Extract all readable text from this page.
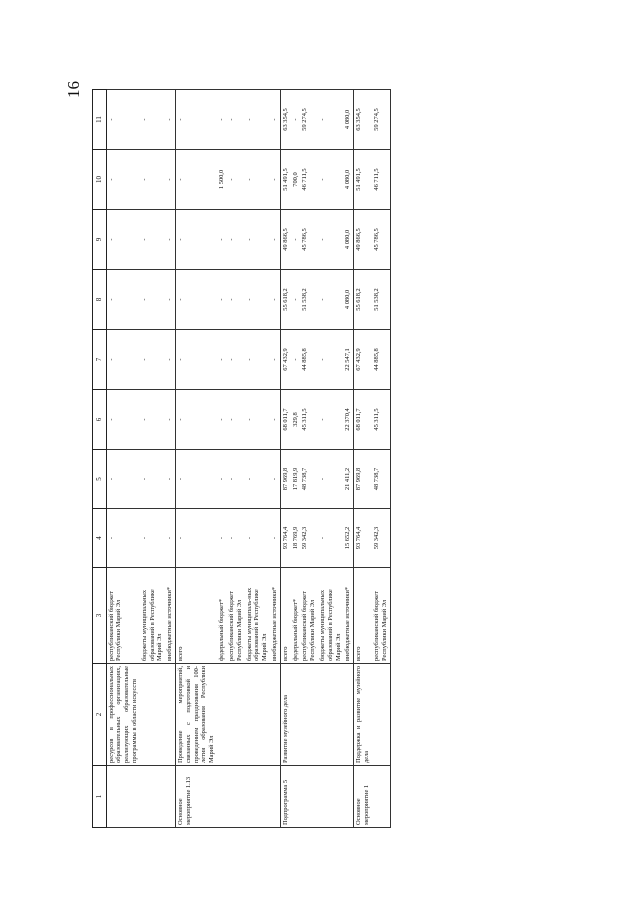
16
1	2	3	4	5	6	7	8	9	10	11
	ресурсов в профессиональных образовательных организациях, реализующих образовательные программы в области искусств	республиканский бюджет Республики Марий Эл	-	-	-	-	-	-	-	-
		бюджеты муниципальных образований в Республике Марий Эл	-	-	-	-	-	-	-	-
		внебюджетные источники*	-	-	-	-	-	-	-	-
Основное мероприятие 1.13	Проведение мероприятий, связанных с подготовкой и проведением празднования 100-летия образования Республики Марий Эл	всего	-	-	-	-	-	-	-	-
		федеральный бюджет*	-	-	-	-	-	-	1 500,0	-
		республиканский бюджет Республики Марий Эл	-	-	-	-	-	-	-	-
		бюджеты муниципаль-ных образований в Республике Марий Эл	-	-	-	-	-	-	-	-
		внебюджетные источники*	-	-	-	-	-	-	-	-
Подпрограмма 5	Развитие музейного дела	всего	93 764,4	87 969,8	68 011,7	67 432,9	55 618,2	49 866,5	51 491,5	63 354,5
		федеральный бюджет*	18 769,9	17 819,9	329,8	-	-	-	700,0	-
		республиканский бюджет Республики Марий Эл	59 342,3	48 738,7	45 311,5	44 885,8	51 538,2	45 786,5	46 711,5	59 274,5
		бюджеты муниципальных образований в Республике Марий Эл	-	-	-	-	-	-	-	-
		внебюджетные источники*	15 652,2	21 411,2	22 370,4	22 547,1	4 080,0	4 080,0	4 080,0	4 080,0
Основное мероприятие 1	Поддержка и развитие музейного дела	всего	93 764,4	87 969,8	68 011,7	67 432,9	55 618,2	49 866,5	51 491,5	63 354,5
		республиканский бюджет Республики Марий Эл	59 342,3	48 738,7	45 311,5	44 885,8	51 538,2	45 786,5	46 711,5	59 274,5
